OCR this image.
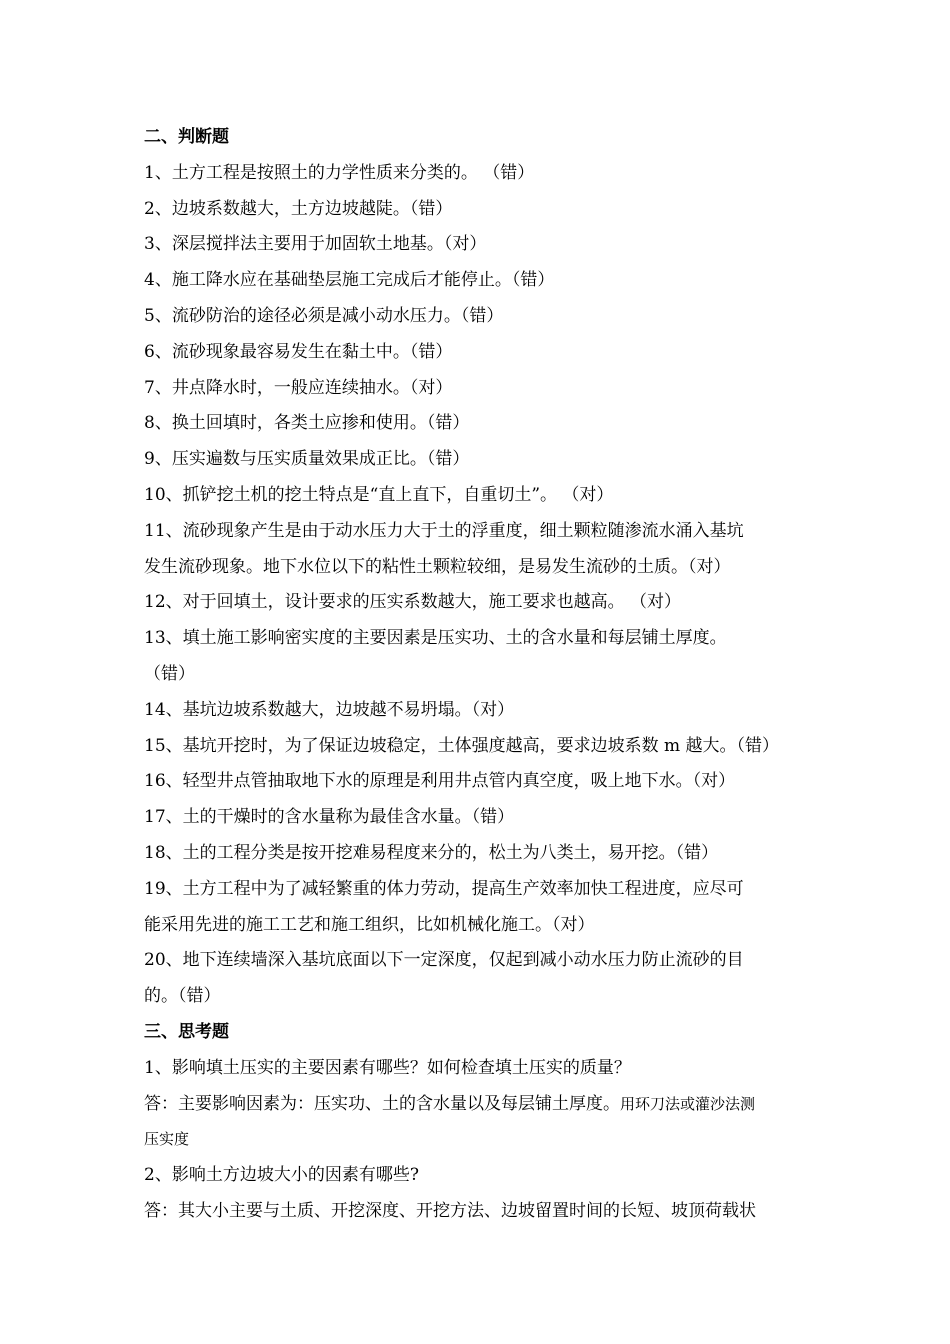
二、判断题
1、土方工程是按照土的力学性质来分类的。 （错）
2、边坡系数越大，土方边坡越陡。（错）
3、深层搅拌法主要用于加固软土地基。（对）
4、施工降水应在基础垫层施工完成后才能停止。（错）
5、流砂防治的途径必须是减小动水压力。（错）
6、流砂现象最容易发生在黏土中。（错）
7、井点降水时，一般应连续抽水。（对）
8、换土回填时，各类土应掺和使用。（错）
9、压实遍数与压实质量效果成正比。（错）
10、抓铲挖土机的挖土特点是“直上直下，自重切土”。 （对）
11、流砂现象产生是由于动水压力大于土的浮重度，细土颗粒随渗流水涌入基坑
发生流砂现象。地下水位以下的粘性土颗粒较细，是易发生流砂的土质。（对）
12、对于回填土，设计要求的压实系数越大，施工要求也越高。 （对）
13、填土施工影响密实度的主要因素是压实功、土的含水量和每层铺土厚度。
（错）
14、基坑边坡系数越大，边坡越不易坍塌。（对）
15、基坑开挖时，为了保证边坡稳定，土体强度越高，要求边坡系数 m 越大。（错）
16、轻型井点管抽取地下水的原理是利用井点管内真空度，吸上地下水。（对）
17、土的干燥时的含水量称为最佳含水量。（错）
18、土的工程分类是按开挖难易程度来分的，松土为八类土，易开挖。（错）
19、土方工程中为了减轻繁重的体力劳动，提高生产效率加快工程进度，应尽可
能采用先进的施工工艺和施工组织，比如机械化施工。（对）
20、地下连续墙深入基坑底面以下一定深度，仅起到减小动水压力防止流砂的目
的。（错）
三、思考题
1、影响填土压实的主要因素有哪些？如何检查填土压实的质量？
答：主要影响因素为：压实功、土的含水量以及每层铺土厚度。用环刀法或灌沙法测
压实度
2、影响土方边坡大小的因素有哪些?
答：其大小主要与土质、开挖深度、开挖方法、边坡留置时间的长短、坡顶荷载状
